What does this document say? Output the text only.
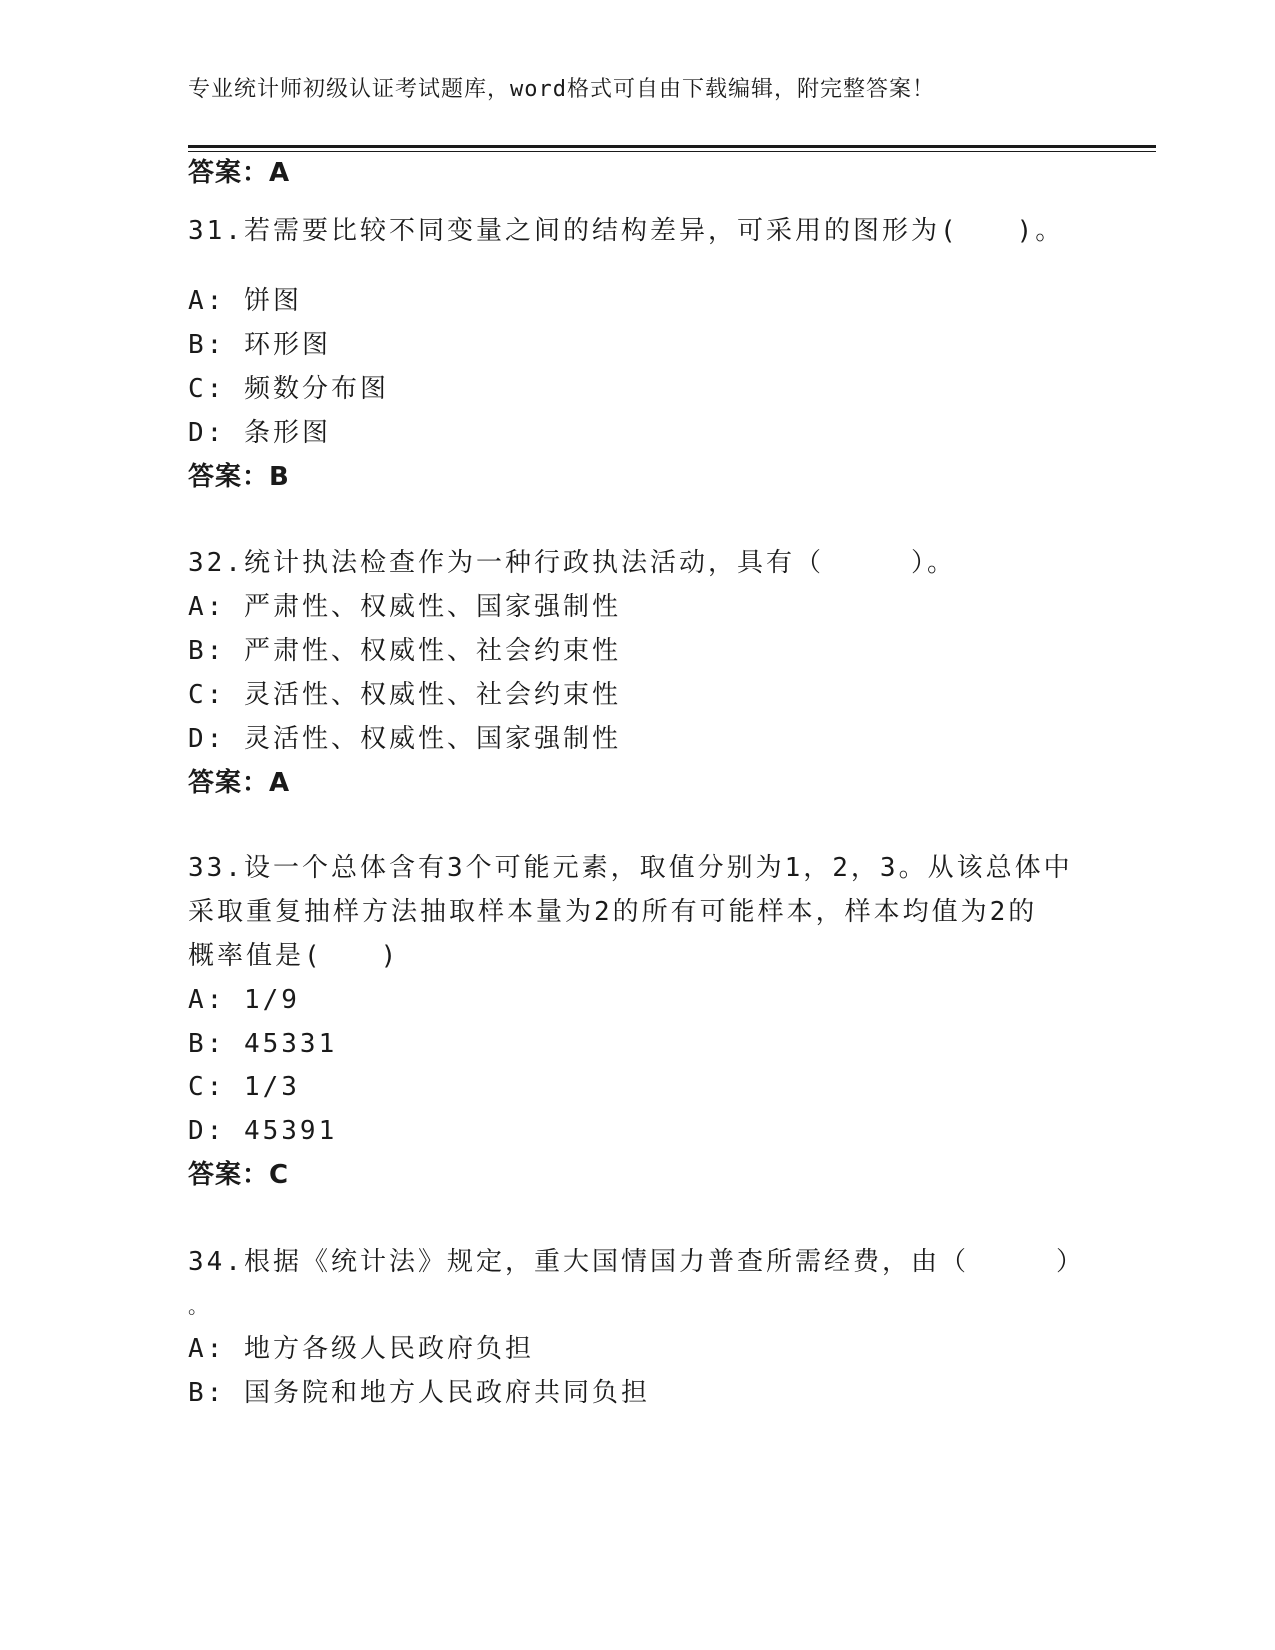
专业统计师初级认证考试题库，word格式可自由下载编辑，附完整答案！
答案：A
31.若需要比较不同变量之间的结构差异，可采用的图形为(　　)。
A: 饼图
B: 环形图
C: 频数分布图
D: 条形图
答案：B
32.统计执法检查作为一种行政执法活动，具有（　　　）。
A: 严肃性、权威性、国家强制性
B: 严肃性、权威性、社会约束性
C: 灵活性、权威性、社会约束性
D: 灵活性、权威性、国家强制性
答案：A
33.设一个总体含有3个可能元素，取值分别为1，2，3。从该总体中
采取重复抽样方法抽取样本量为2的所有可能样本，样本均值为2的
概率值是(　　)
A: 1/9
B: 45331
C: 1/3
D: 45391
答案：C
34.根据《统计法》规定，重大国情国力普查所需经费，由（　　　）
。
A: 地方各级人民政府负担
B: 国务院和地方人民政府共同负担
